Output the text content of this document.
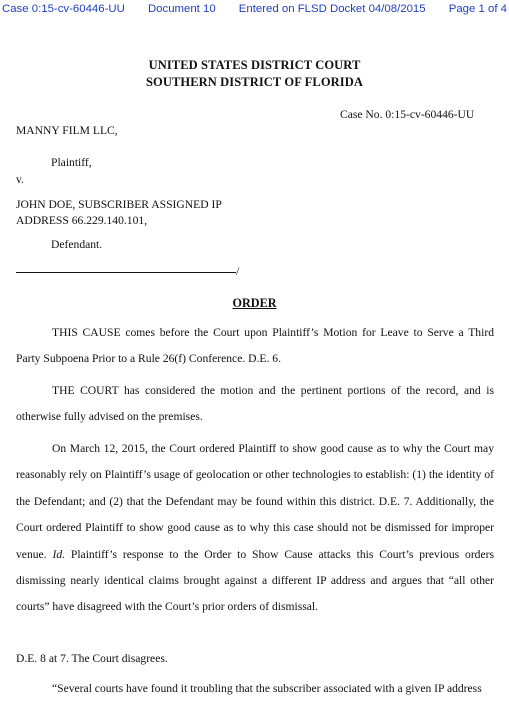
Case 0:15-cv-60446-UU Document 10 Entered on FLSD Docket 04/08/2015 Page 1 of 4
UNITED STATES DISTRICT COURT
SOUTHERN DISTRICT OF FLORIDA
Case No. 0:15-cv-60446-UU
MANNY FILM LLC,
Plaintiff,
v.
JOHN DOE, SUBSCRIBER ASSIGNED IP
ADDRESS 66.229.140.101,
Defendant.
/
ORDER
THIS CAUSE comes before the Court upon Plaintiff’s Motion for Leave to Serve a Third
Party Subpoena Prior to a Rule 26(f) Conference. D.E. 6.
THE COURT has considered the motion and the pertinent portions of the record, and is
otherwise fully advised on the premises.
On March 12, 2015, the Court ordered Plaintiff to show good cause as to why the Court may reasonably rely on Plaintiff’s usage of geolocation or other technologies to establish: (1) the identity of the Defendant; and (2) that the Defendant may be found within this district. D.E. 7. Additionally, the Court ordered Plaintiff to show good cause as to why this case should not be dismissed for improper venue. Id. Plaintiff’s response to the Order to Show Cause attacks this Court’s previous orders dismissing nearly identical claims brought against a different IP address and argues that “all other courts” have disagreed with the Court’s prior orders of dismissal.
D.E. 8 at 7. The Court disagrees.
“Several courts have found it troubling that the subscriber associated with a given IP address
